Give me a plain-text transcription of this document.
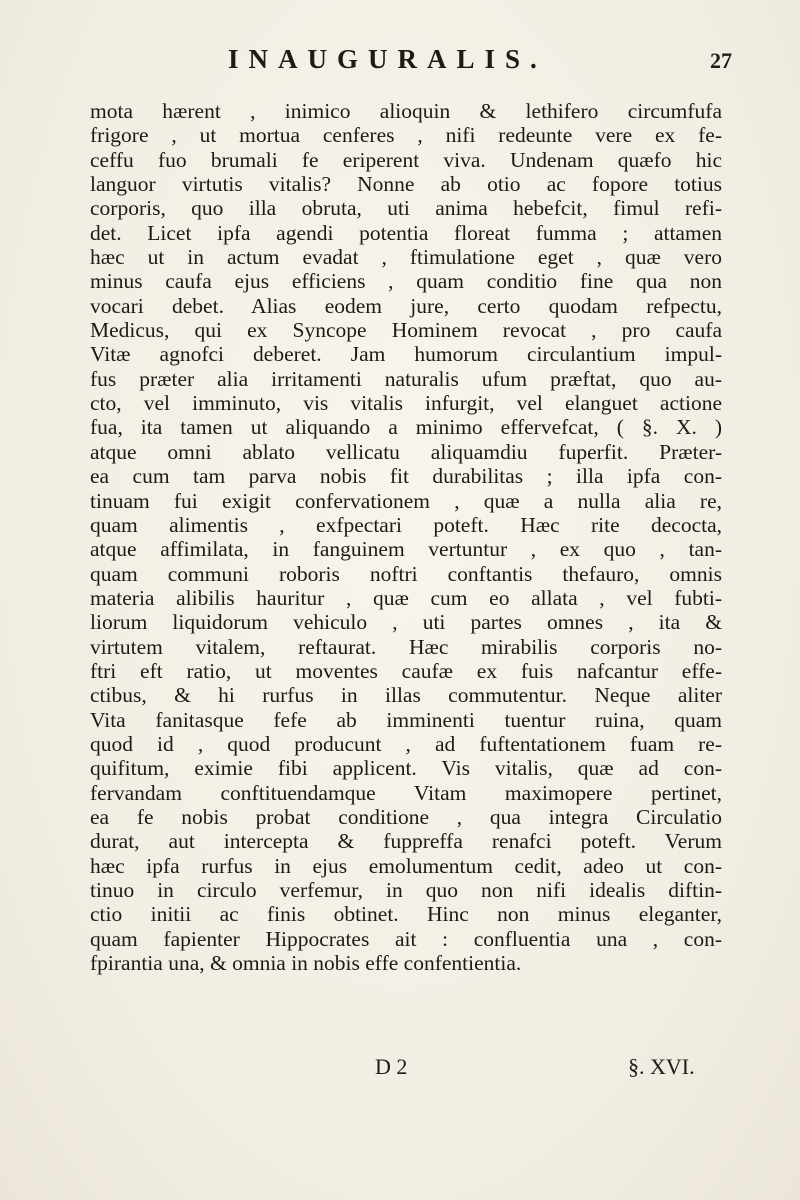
INAUGURALIS.	27
mota hærent , inimico alioquin & lethifero circumfufa
frigore , ut mortua cenferes , nifi redeunte vere ex fe-
ceffu fuo brumali fe eriperent viva. Undenam quæfo hic
languor virtutis vitalis? Nonne ab otio ac fopore totius
corporis, quo illa obruta, uti anima hebefcit, fimul refi-
det. Licet ipfa agendi potentia floreat fumma ; attamen
hæc ut in actum evadat , ftimulatione eget , quæ vero
minus caufa ejus efficiens , quam conditio fine qua non
vocari debet. Alias eodem jure, certo quodam refpectu,
Medicus, qui ex Syncope Hominem revocat , pro caufa
Vitæ agnofci deberet. Jam humorum circulantium impul-
fus præter alia irritamenti naturalis ufum præftat, quo au-
cto, vel imminuto, vis vitalis infurgit, vel elanguet actione
fua, ita tamen ut aliquando a minimo effervefcat, ( §. X. )
atque omni ablato vellicatu aliquamdiu fuperfit. Præter-
ea cum tam parva nobis fit durabilitas ; illa ipfa con-
tinuam fui exigit confervationem , quæ a nulla alia re,
quam alimentis , exfpectari poteft. Hæc rite decocta,
atque affimilata, in fanguinem vertuntur , ex quo , tan-
quam communi roboris noftri conftantis thefauro, omnis
materia alibilis hauritur , quæ cum eo allata , vel fubti-
liorum liquidorum vehiculo , uti partes omnes , ita &
virtutem vitalem, reftaurat. Hæc mirabilis corporis no-
ftri eft ratio, ut moventes caufæ ex fuis nafcantur effe-
ctibus, & hi rurfus in illas commutentur. Neque aliter
Vita fanitasque fefe ab imminenti tuentur ruina, quam
quod id , quod producunt , ad fuftentationem fuam re-
quifitum, eximie fibi applicent. Vis vitalis, quæ ad con-
fervandam conftituendamque Vitam maximopere pertinet,
ea fe nobis probat conditione , qua integra Circulatio
durat, aut intercepta & fuppreffa renafci poteft. Verum
hæc ipfa rurfus in ejus emolumentum cedit, adeo ut con-
tinuo in circulo verfemur, in quo non nifi idealis diftin-
ctio initii ac finis obtinet. Hinc non minus eleganter,
quam fapienter Hippocrates ait : confluentia una , con-
fpirantia una, & omnia in nobis effe confentientia.
D 2	§. XVI.
